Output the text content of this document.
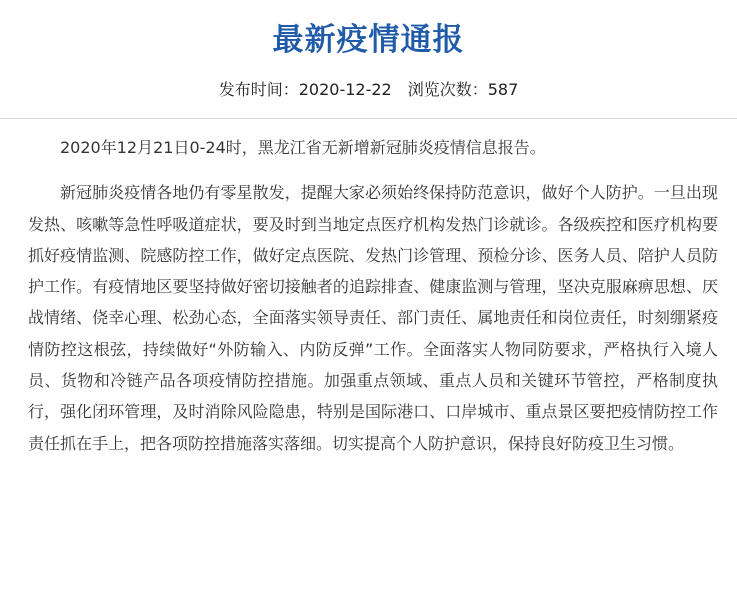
最新疫情通报
发布时间：2020-12-22 浏览次数：587

2020年12月21日0-24时，黑龙江省无新增新冠肺炎疫情信息报告。

新冠肺炎疫情各地仍有零星散发，提醒大家必须始终保持防范意识，做好个人防护。一旦出现发热、咳嗽等急性呼吸道症状，要及时到当地定点医疗机构发热门诊就诊。各级疾控和医疗机构要抓好疫情监测、院感防控工作，做好定点医院、发热门诊管理、预检分诊、医务人员、陪护人员防护工作。有疫情地区要坚持做好密切接触者的追踪排查、健康监测与管理，坚决克服麻痹思想、厌战情绪、侥幸心理、松劲心态，全面落实领导责任、部门责任、属地责任和岗位责任，时刻绷紧疫情防控这根弦，持续做好“外防输入、内防反弹”工作。全面落实人物同防要求，严格执行入境人员、货物和冷链产品各项疫情防控措施。加强重点领域、重点人员和关键环节管控，严格制度执行，强化闭环管理，及时消除风险隐患，特别是国际港口、口岸城市、重点景区要把疫情防控工作责任抓在手上，把各项防控措施落实落细。切实提高个人防护意识，保持良好防疫卫生习惯。
